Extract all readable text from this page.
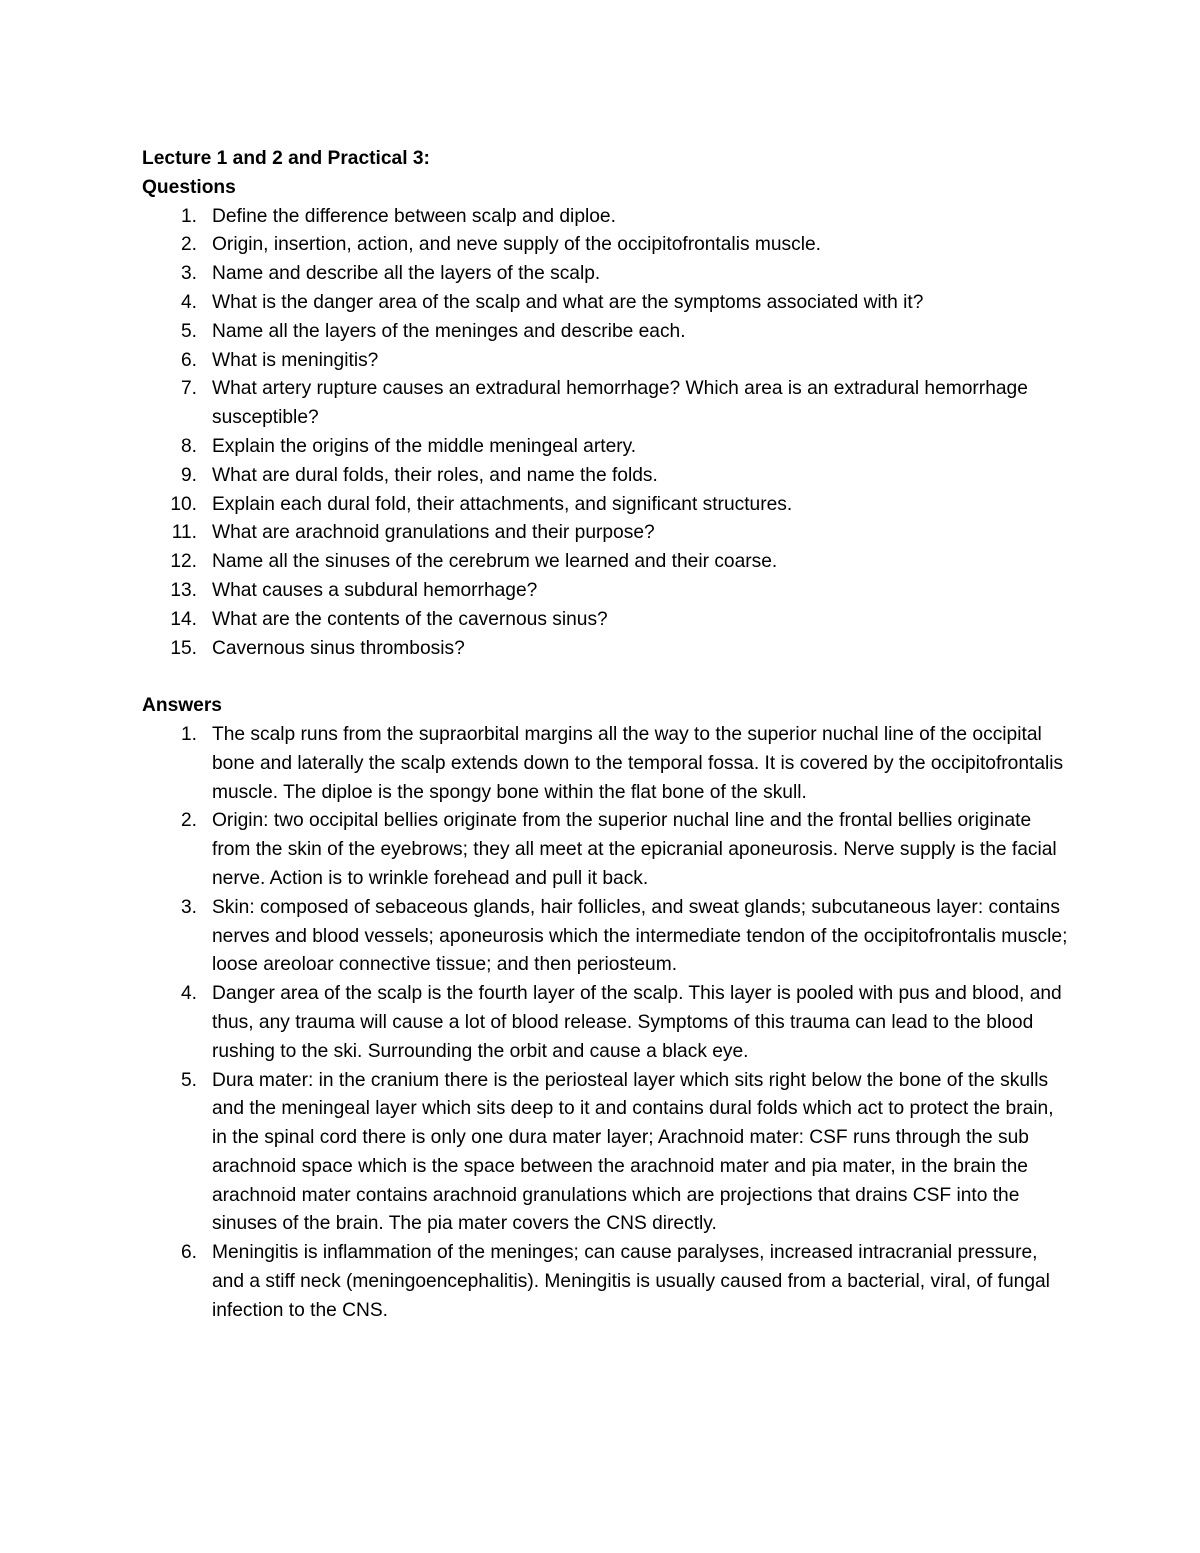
Lecture 1 and 2 and Practical 3:

Questions

1. Define the difference between scalp and diploe.
2. Origin, insertion, action, and neve supply of the occipitofrontalis muscle.
3. Name and describe all the layers of the scalp.
4. What is the danger area of the scalp and what are the symptoms associated with it?
5. Name all the layers of the meninges and describe each.
6. What is meningitis?
7. What artery rupture causes an extradural hemorrhage? Which area is an extradural hemorrhage susceptible?
8. Explain the origins of the middle meningeal artery.
9. What are dural folds, their roles, and name the folds.
10. Explain each dural fold, their attachments, and significant structures.
11. What are arachnoid granulations and their purpose?
12. Name all the sinuses of the cerebrum we learned and their coarse.
13. What causes a subdural hemorrhage?
14. What are the contents of the cavernous sinus?
15. Cavernous sinus thrombosis?

Answers

1. The scalp runs from the supraorbital margins all the way to the superior nuchal line of the occipital bone and laterally the scalp extends down to the temporal fossa. It is covered by the occipitofrontalis muscle. The diploe is the spongy bone within the flat bone of the skull.
2. Origin: two occipital bellies originate from the superior nuchal line and the frontal bellies originate from the skin of the eyebrows; they all meet at the epicranial aponeurosis. Nerve supply is the facial nerve. Action is to wrinkle forehead and pull it back.
3. Skin: composed of sebaceous glands, hair follicles, and sweat glands; subcutaneous layer: contains nerves and blood vessels; aponeurosis which the intermediate tendon of the occipitofrontalis muscle; loose areoloar connective tissue; and then periosteum.
4. Danger area of the scalp is the fourth layer of the scalp. This layer is pooled with pus and blood, and thus, any trauma will cause a lot of blood release. Symptoms of this trauma can lead to the blood rushing to the ski. Surrounding the orbit and cause a black eye.
5. Dura mater: in the cranium there is the periosteal layer which sits right below the bone of the skulls and the meningeal layer which sits deep to it and contains dural folds which act to protect the brain, in the spinal cord there is only one dura mater layer; Arachnoid mater: CSF runs through the sub arachnoid space which is the space between the arachnoid mater and pia mater, in the brain the arachnoid mater contains arachnoid granulations which are projections that drains CSF into the sinuses of the brain. The pia mater covers the CNS directly.
6. Meningitis is inflammation of the meninges; can cause paralyses, increased intracranial pressure, and a stiff neck (meningoencephalitis). Meningitis is usually caused from a bacterial, viral, of fungal infection to the CNS.
